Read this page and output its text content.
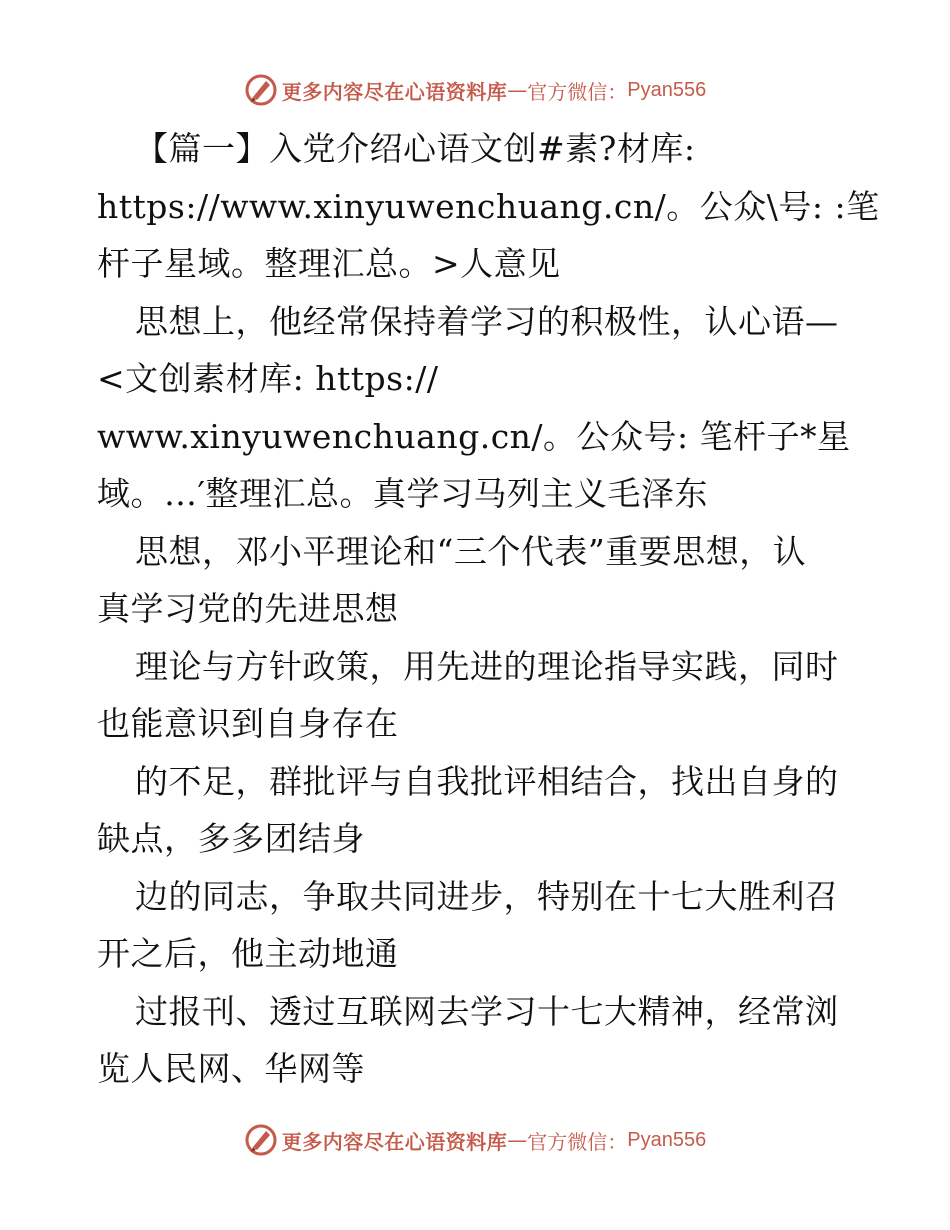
更多内容尽在心语资料库 — 官方微信： Pyan556
【篇一】入党介绍心语文创#素?材库:
https://www.xinyuwenchuang.cn/。公众\号: :笔
杆子星域。整理汇总。>人意见
思想上，他经常保持着学习的积极性，认心语—
<文创素材库: https://
www.xinyuwenchuang.cn/。公众号: 笔杆子*星
域。…′整理汇总。真学习马列主义毛泽东
思想，邓小平理论和“三个代表”重要思想，认
真学习党的先进思想
理论与方针政策，用先进的理论指导实践，同时
也能意识到自身存在
的不足，群批评与自我批评相结合，找出自身的
缺点，多多团结身
边的同志，争取共同进步，特别在十七大胜利召
开之后，他主动地通
过报刊、透过互联网去学习十七大精神，经常浏
览人民网、华网等
更多内容尽在心语资料库 — 官方微信： Pyan556
